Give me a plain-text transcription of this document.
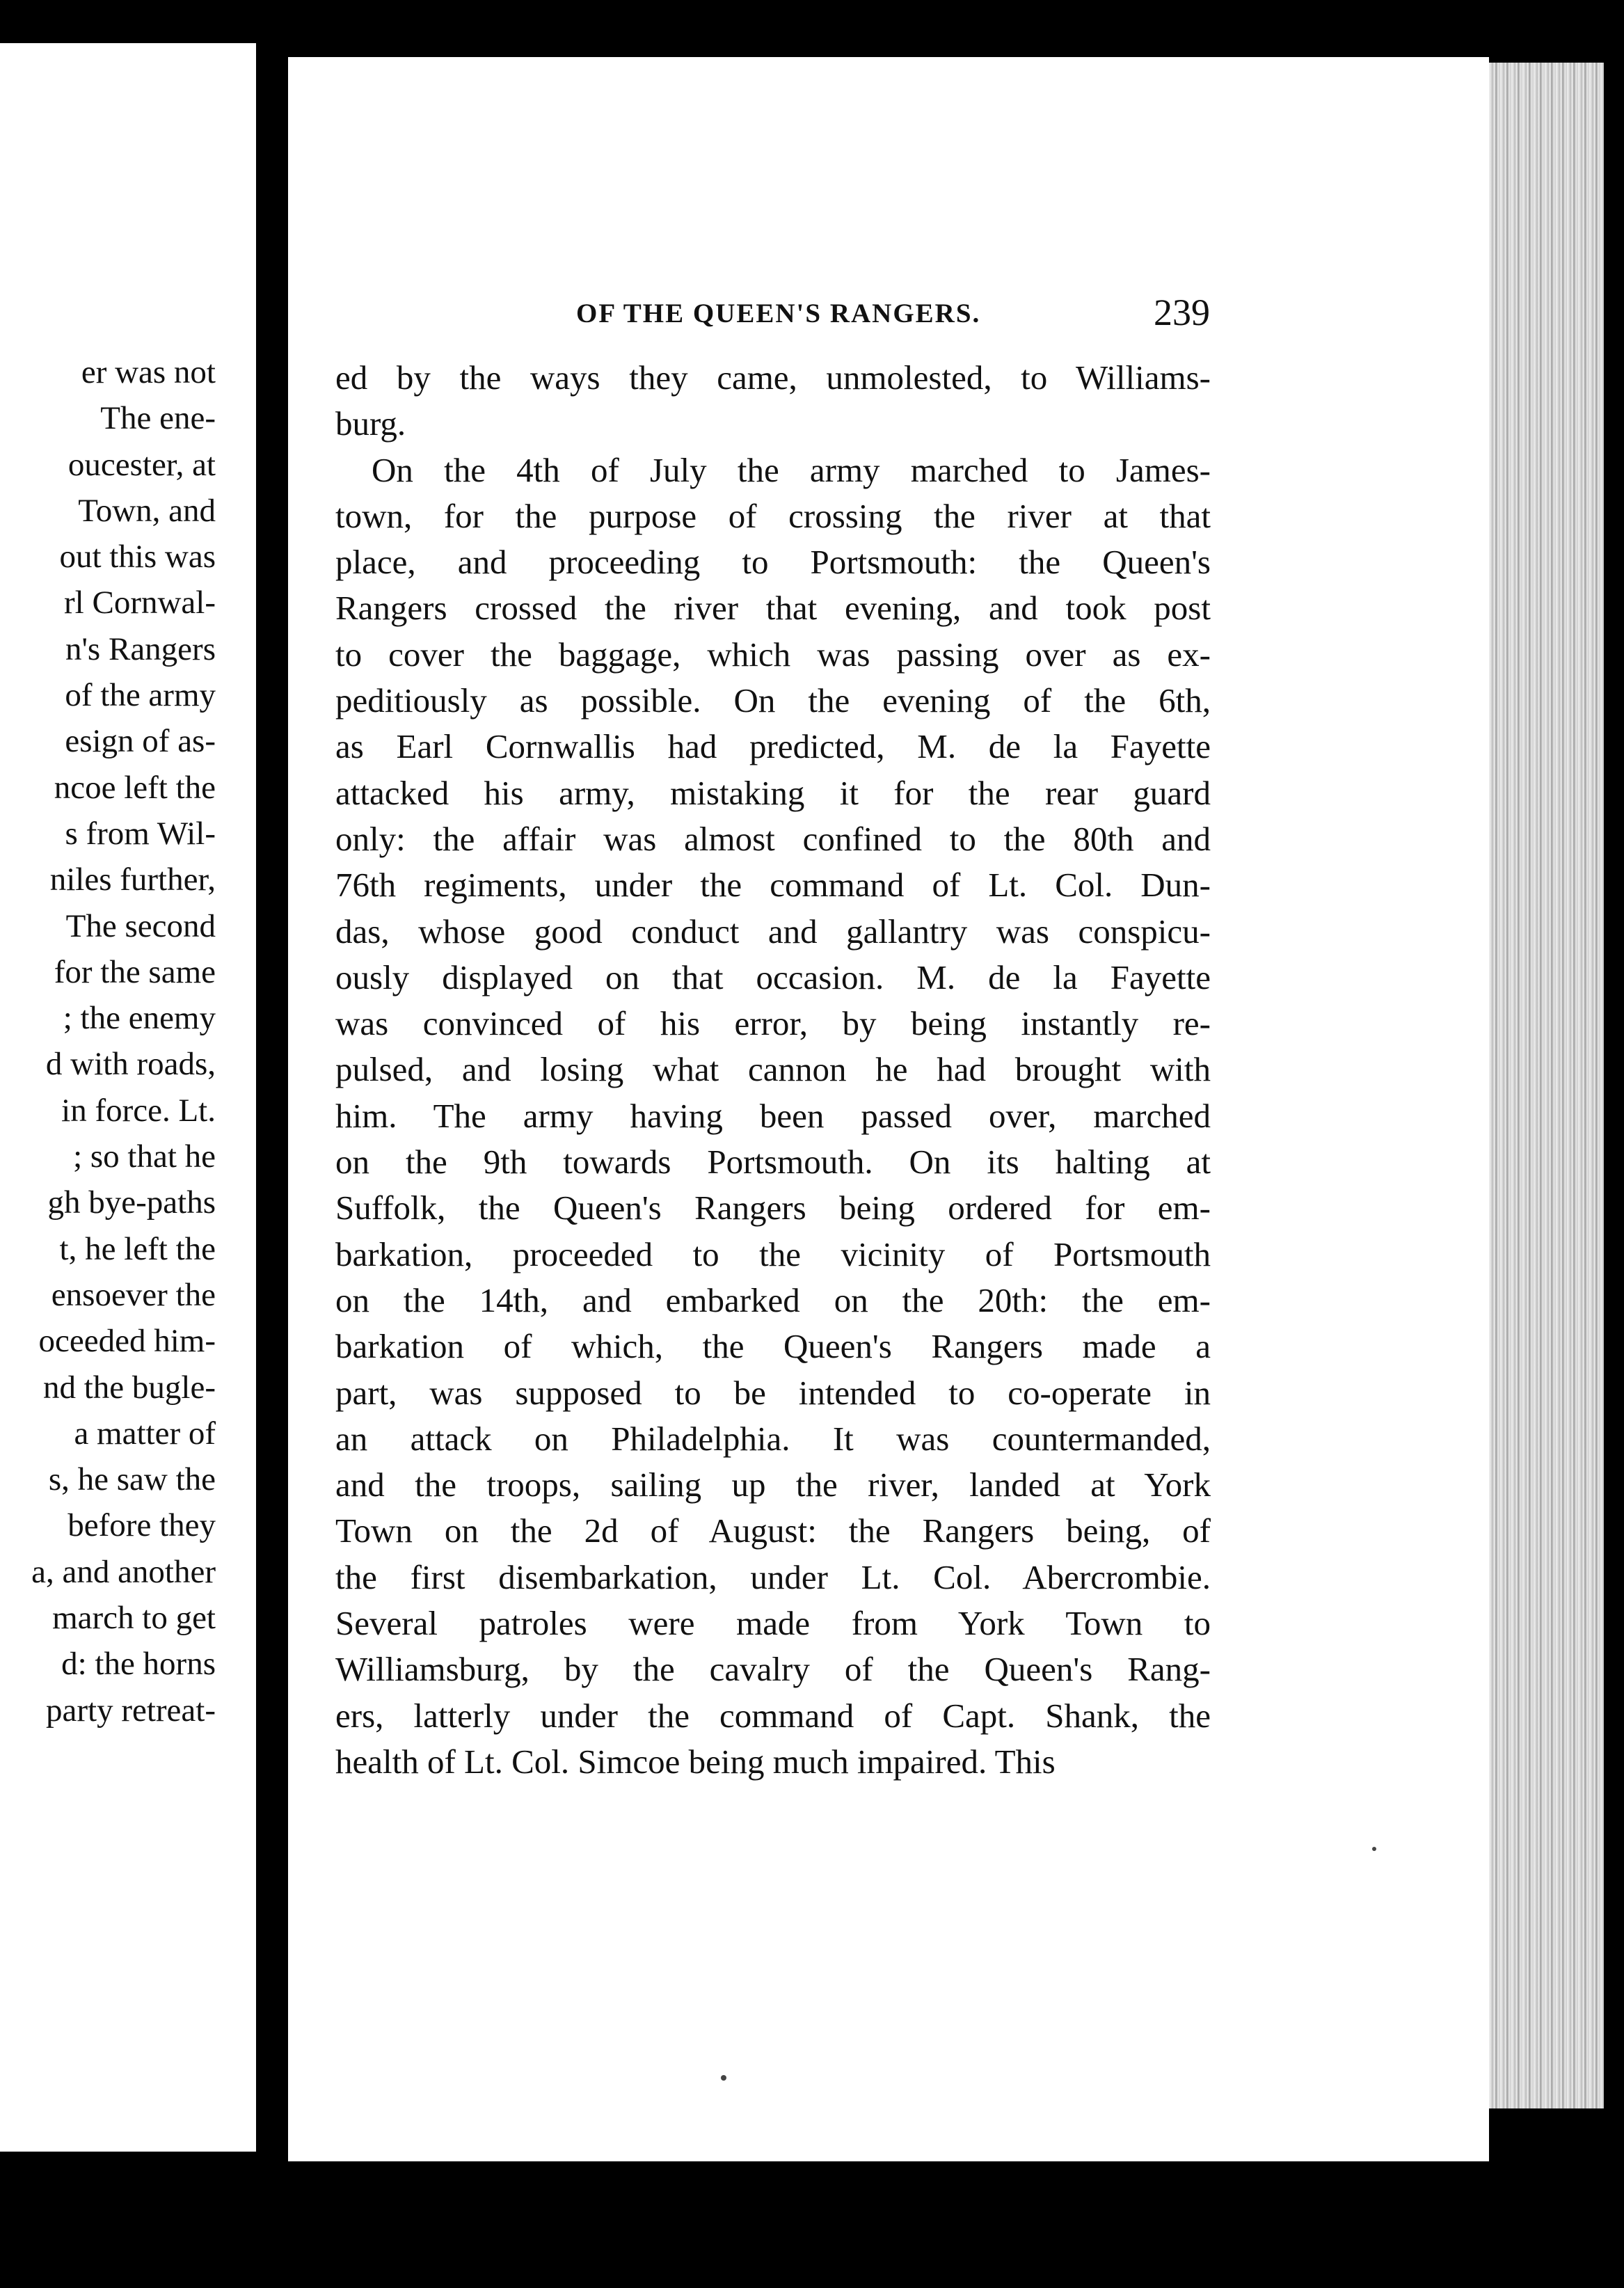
er was not
The ene-
oucester, at
Town, and
out this was
rl Cornwal-
n's Rangers
of the army
esign of as-
ncoe left the
s from Wil-
niles further,
The second
for the same
; the enemy
d with roads,
in force. Lt.
; so that he
gh bye-paths
t, he left the
ensoever the
oceeded him-
nd the bugle-
a matter of
s, he saw the
before they
a, and another
march to get
d: the horns
party retreat-
OF THE QUEEN'S RANGERS.	239
ed by the ways they came, unmolested, to Williams-
burg.
On the 4th of July the army marched to James-
town, for the purpose of crossing the river at that
place, and proceeding to Portsmouth: the Queen's
Rangers crossed the river that evening, and took post
to cover the baggage, which was passing over as ex-
peditiously as possible. On the evening of the 6th,
as Earl Cornwallis had predicted, M. de la Fayette
attacked his army, mistaking it for the rear guard
only: the affair was almost confined to the 80th and
76th regiments, under the command of Lt. Col. Dun-
das, whose good conduct and gallantry was conspicu-
ously displayed on that occasion. M. de la Fayette
was convinced of his error, by being instantly re-
pulsed, and losing what cannon he had brought with
him. The army having been passed over, marched
on the 9th towards Portsmouth. On its halting at
Suffolk, the Queen's Rangers being ordered for em-
barkation, proceeded to the vicinity of Portsmouth
on the 14th, and embarked on the 20th: the em-
barkation of which, the Queen's Rangers made a
part, was supposed to be intended to co-operate in
an attack on Philadelphia. It was countermanded,
and the troops, sailing up the river, landed at York
Town on the 2d of August: the Rangers being, of
the first disembarkation, under Lt. Col. Abercrombie.
Several patroles were made from York Town to
Williamsburg, by the cavalry of the Queen's Rang-
ers, latterly under the command of Capt. Shank, the
health of Lt. Col. Simcoe being much impaired. This
